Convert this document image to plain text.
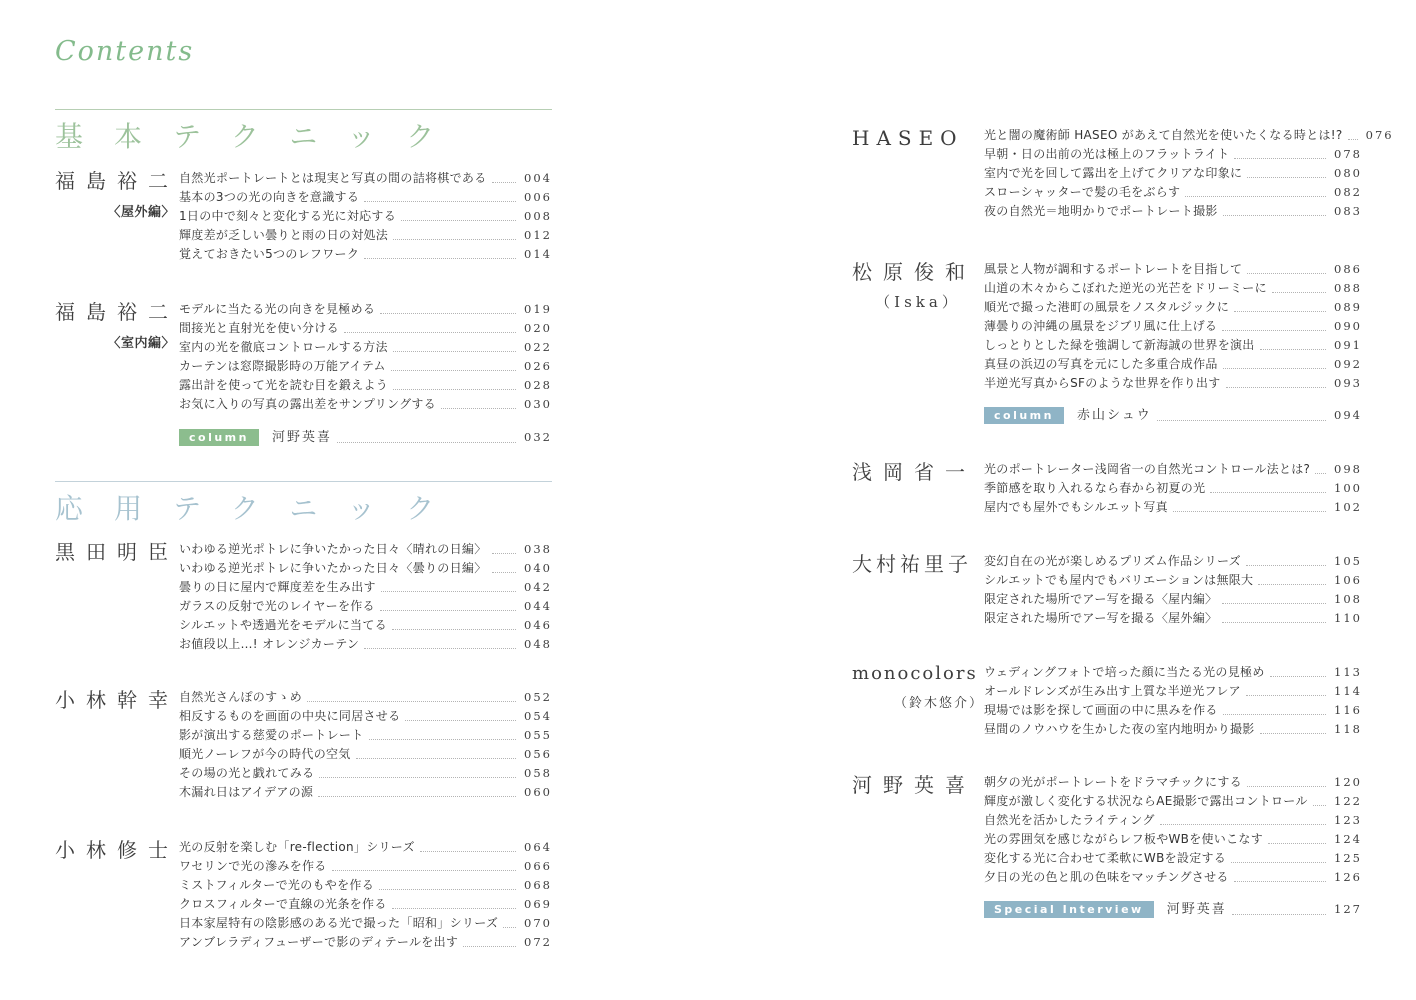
Contents
基本テクニック
福島裕二
〈屋外編〉
自然光ポートレートとは現実と写真の間の詰将棋である	004
基本の3つの光の向きを意識する	006
1日の中で刻々と変化する光に対応する	008
輝度差が乏しい曇りと雨の日の対処法	012
覚えておきたい5つのレフワーク	014
福島裕二
〈室内編〉
モデルに当たる光の向きを見極める	019
間接光と直射光を使い分ける	020
室内の光を徹底コントロールする方法	022
カーテンは窓際撮影時の万能アイテム	026
露出計を使って光を読む目を鍛えよう	028
お気に入りの写真の露出差をサンプリングする	030
column	河野英喜	032
応用テクニック
黒田明臣 いわゆる逆光ポトレに争いたかった日々〈晴れの日編〉	038
いわゆる逆光ポトレに争いたかった日々〈曇りの日編〉	040
曇りの日に屋内で輝度差を生み出す	042
ガラスの反射で光のレイヤーを作る	044
シルエットや透過光をモデルに当てる	046
お値段以上…! オレンジカーテン	048
小林幹幸 自然光さんぽのすゝめ	052
相反するものを画面の中央に同居させる	054
影が演出する慈愛のポートレート	055
順光ノーレフが今の時代の空気	056
その場の光と戯れてみる	058
木漏れ日はアイデアの源	060
小林修士 光の反射を楽しむ「re-flection」シリーズ	064
ワセリンで光の滲みを作る	066
ミストフィルターで光のもやを作る	068
クロスフィルターで直線の光条を作る	069
日本家屋特有の陰影感のある光で撮った「昭和」シリーズ	070
アンブレラディフューザーで影のディテールを出す	072
HASEO	光と闇の魔術師 HASEO があえて自然光を使いたくなる時とは!?	076
早朝・日の出前の光は極上のフラットライト	078
室内で光を回して露出を上げてクリアな印象に	080
スローシャッターで髪の毛をぶらす	082
夜の自然光＝地明かりでポートレート撮影	083
松原俊和
（Iska）
風景と人物が調和するポートレートを目指して	086
山道の木々からこぼれた逆光の光芒をドリーミーに	088
順光で撮った港町の風景をノスタルジックに	089
薄曇りの沖縄の風景をジブリ風に仕上げる	090
しっとりとした緑を強調して新海誠の世界を演出	091
真昼の浜辺の写真を元にした多重合成作品	092
半逆光写真からSFのような世界を作り出す	093
column	赤山シュウ	094
浅岡省一 光のポートレーター浅岡省一の自然光コントロール法とは?	098
季節感を取り入れるなら春から初夏の光	100
屋内でも屋外でもシルエット写真	102
大村祐里子	変幻自在の光が楽しめるプリズム作品シリーズ	105
シルエットでも屋内でもバリエーションは無限大	106
限定された場所でアー写を撮る〈屋内編〉	108
限定された場所でアー写を撮る〈屋外編〉	110
monocolors
（鈴木悠介）
ウェディングフォトで培った顔に当たる光の見極め	113
オールドレンズが生み出す上質な半逆光フレア	114
現場では影を探して画面の中に黒みを作る	116
昼間のノウハウを生かした夜の室内地明かり撮影	118
河野英喜 朝夕の光がポートレートをドラマチックにする	120
輝度が激しく変化する状況ならAE撮影で露出コントロール	122
自然光を活かしたライティング	123
光の雰囲気を感じながらレフ板やWBを使いこなす	124
変化する光に合わせて柔軟にWBを設定する	125
夕日の光の色と肌の色味をマッチングさせる	126
Special Interview	河野英喜	127
